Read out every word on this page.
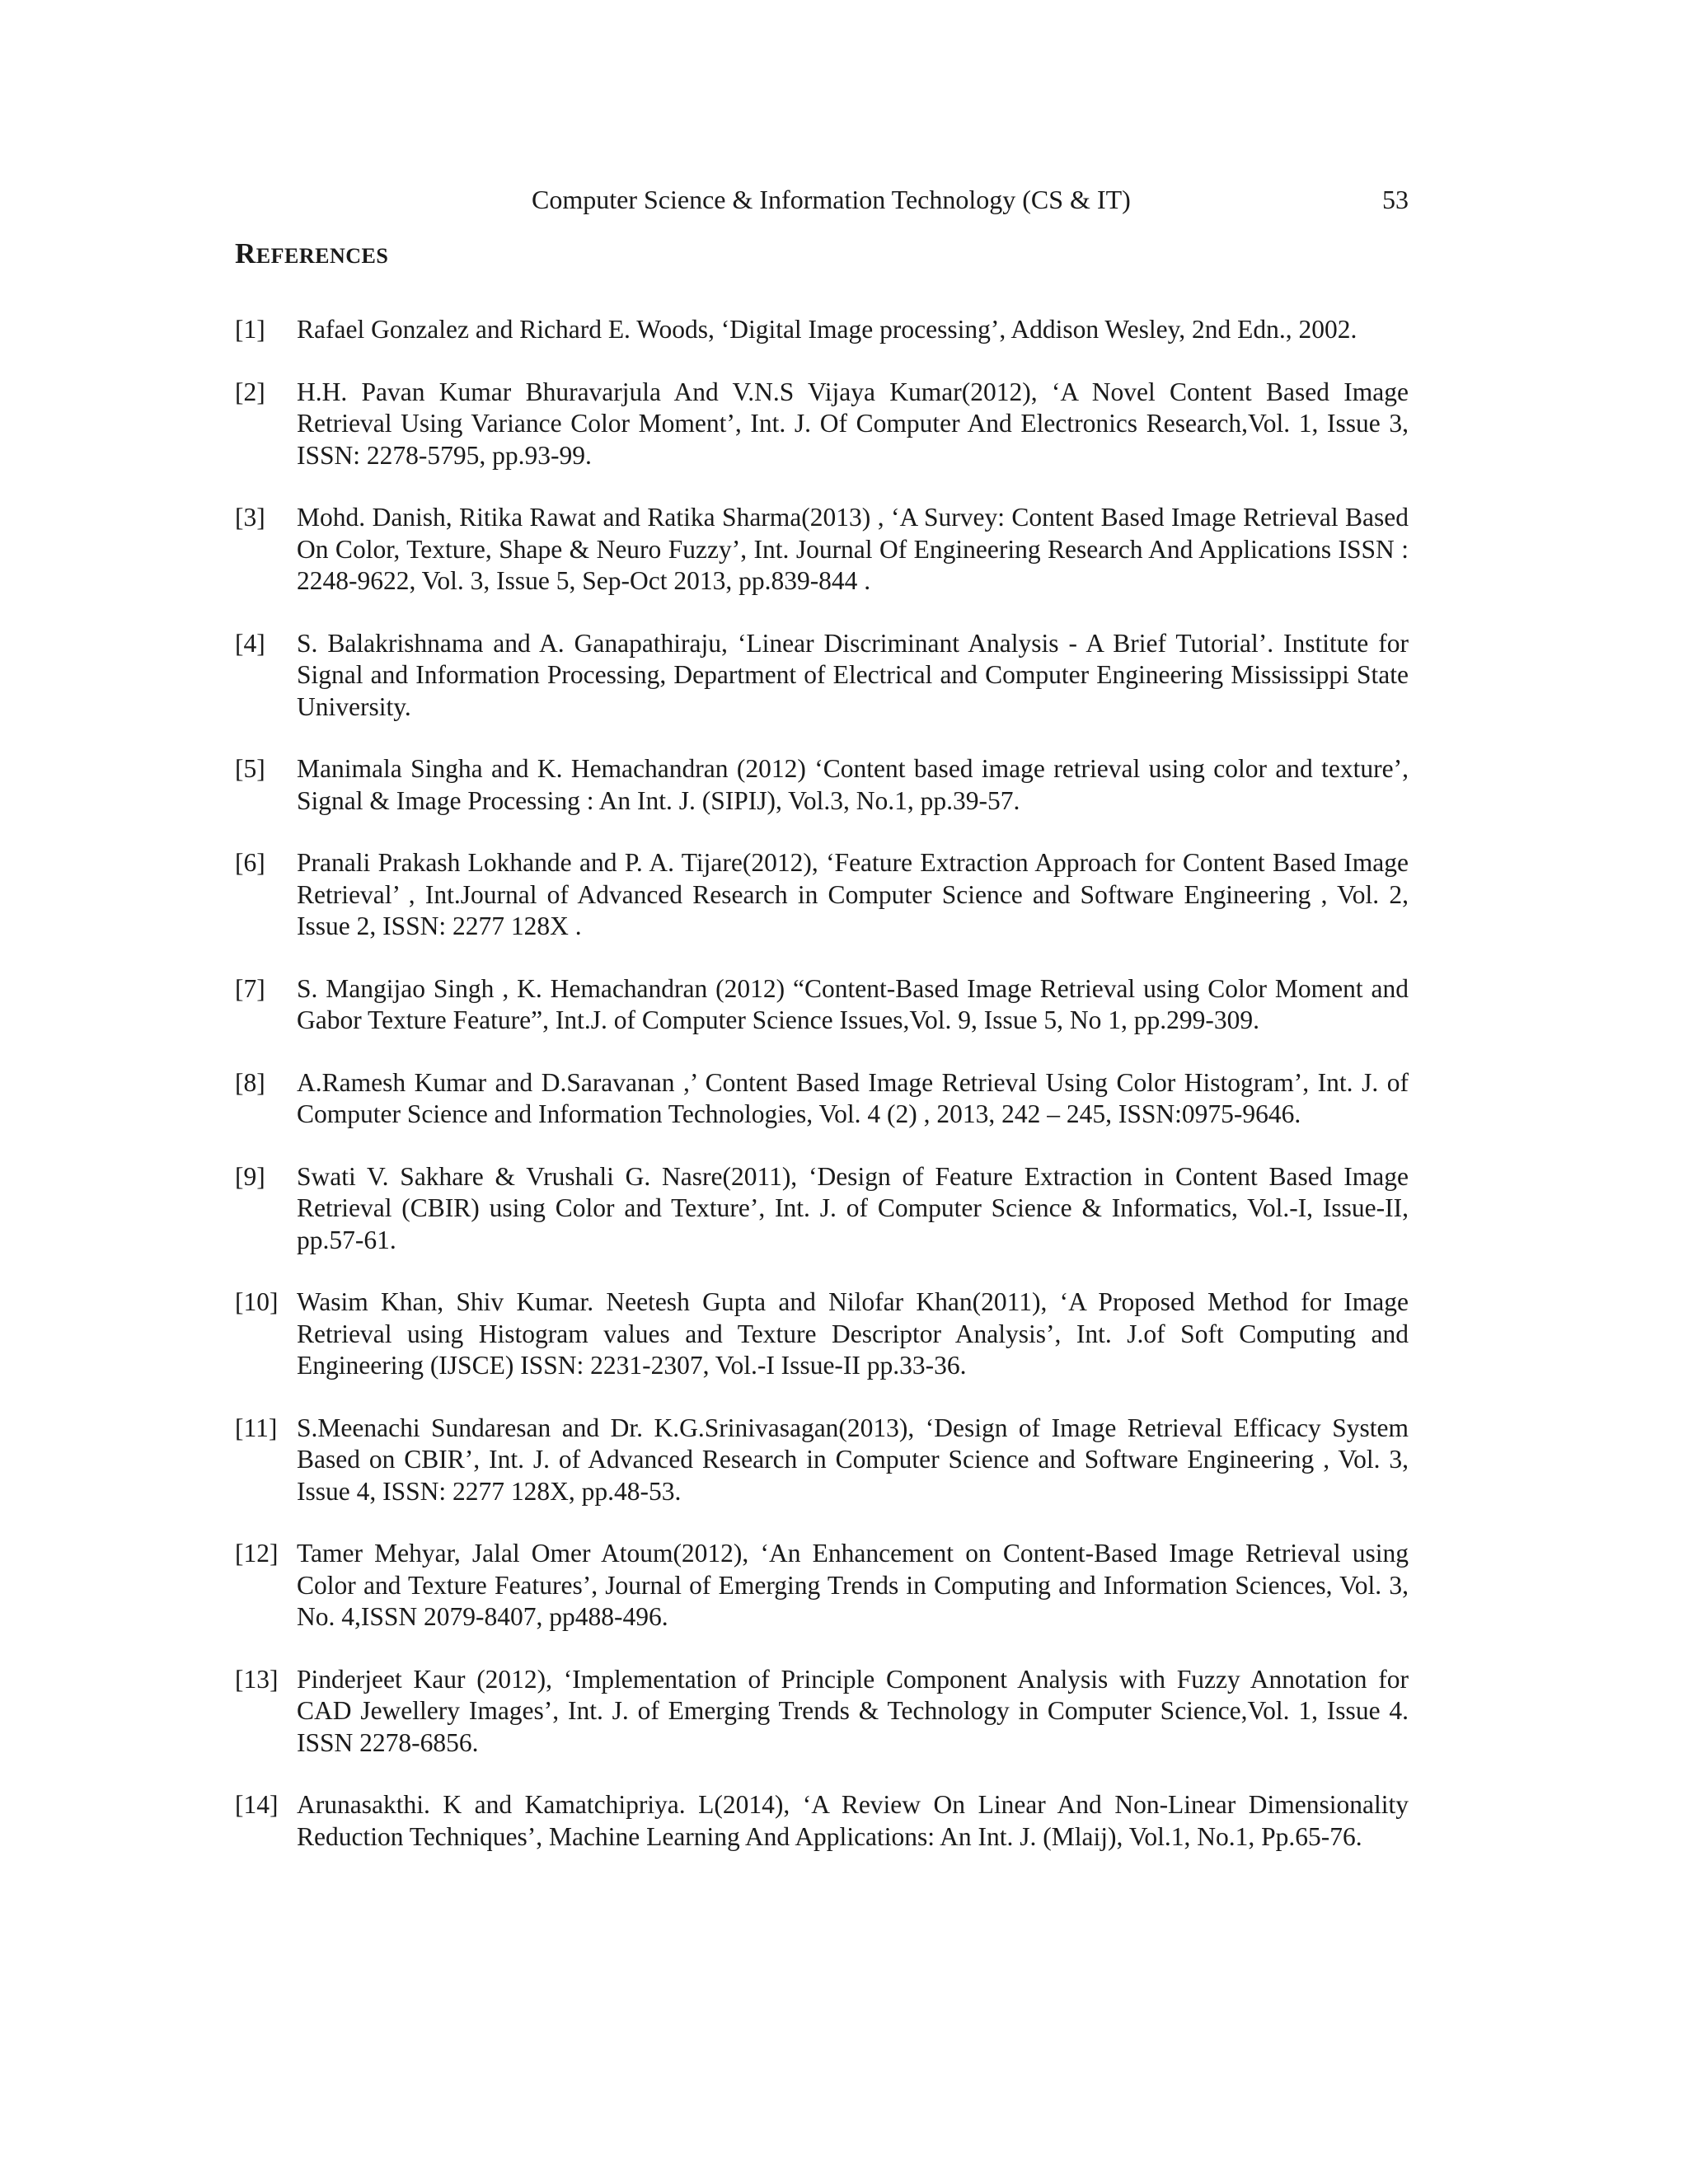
Computer Science & Information Technology (CS & IT)	53
REFERENCES
[1]	Rafael Gonzalez and Richard E. Woods, ‘Digital Image processing’, Addison Wesley, 2nd Edn., 2002.
[2]	H.H. Pavan Kumar Bhuravarjula And V.N.S Vijaya Kumar(2012), ‘A Novel Content Based Image Retrieval Using Variance Color Moment’, Int. J. Of Computer And Electronics Research,Vol. 1, Issue 3, ISSN: 2278-5795, pp.93-99.
[3]	Mohd. Danish, Ritika Rawat and Ratika Sharma(2013) , ‘A Survey: Content Based Image Retrieval Based On Color, Texture, Shape & Neuro Fuzzy’, Int. Journal Of Engineering Research And Applications ISSN : 2248-9622, Vol. 3, Issue 5, Sep-Oct 2013, pp.839-844 .
[4]	S. Balakrishnama and A. Ganapathiraju, ‘Linear Discriminant Analysis - A Brief Tutorial’. Institute for Signal and Information Processing, Department of Electrical and Computer Engineering Mississippi State University.
[5]	Manimala Singha and K. Hemachandran (2012) ‘Content based image retrieval using color and texture’, Signal & Image Processing : An Int. J. (SIPIJ), Vol.3, No.1, pp.39-57.
[6]	Pranali Prakash Lokhande and P. A. Tijare(2012), ‘Feature Extraction Approach for Content Based Image Retrieval’ , Int.Journal of Advanced Research in Computer Science and Software Engineering , Vol. 2, Issue 2, ISSN: 2277 128X .
[7]	S. Mangijao Singh , K. Hemachandran (2012) “Content-Based Image Retrieval using Color Moment and Gabor Texture Feature”, Int.J. of Computer Science Issues,Vol. 9, Issue 5, No 1, pp.299-309.
[8]	A.Ramesh Kumar and D.Saravanan ,’ Content Based Image Retrieval Using Color Histogram’, Int. J. of Computer Science and Information Technologies, Vol. 4 (2) , 2013, 242 – 245, ISSN:0975-9646.
[9]	Swati V. Sakhare & Vrushali G. Nasre(2011), ‘Design of Feature Extraction in Content Based Image Retrieval (CBIR) using Color and Texture’, Int. J. of Computer Science & Informatics, Vol.-I, Issue-II, pp.57-61.
[10] Wasim Khan, Shiv Kumar. Neetesh Gupta and Nilofar Khan(2011), ‘A Proposed Method for Image Retrieval using Histogram values and Texture Descriptor Analysis’, Int. J.of Soft Computing and Engineering (IJSCE) ISSN: 2231-2307, Vol.-I Issue-II pp.33-36.
[11] S.Meenachi Sundaresan and Dr. K.G.Srinivasagan(2013), ‘Design of Image Retrieval Efficacy System Based on CBIR’, Int. J. of Advanced Research in Computer Science and Software Engineering , Vol. 3, Issue 4, ISSN: 2277 128X, pp.48-53.
[12] Tamer Mehyar, Jalal Omer Atoum(2012), ‘An Enhancement on Content-Based Image Retrieval using Color and Texture Features’, Journal of Emerging Trends in Computing and Information Sciences, Vol. 3, No. 4,ISSN 2079-8407, pp488-496.
[13] Pinderjeet Kaur (2012), ‘Implementation of Principle Component Analysis with Fuzzy Annotation for CAD Jewellery Images’, Int. J. of Emerging Trends & Technology in Computer Science,Vol. 1, Issue 4. ISSN 2278-6856.
[14] Arunasakthi. K and Kamatchipriya. L(2014), ‘A Review On Linear And Non-Linear Dimensionality Reduction Techniques’, Machine Learning And Applications: An Int. J. (Mlaij), Vol.1, No.1, Pp.65-76.
